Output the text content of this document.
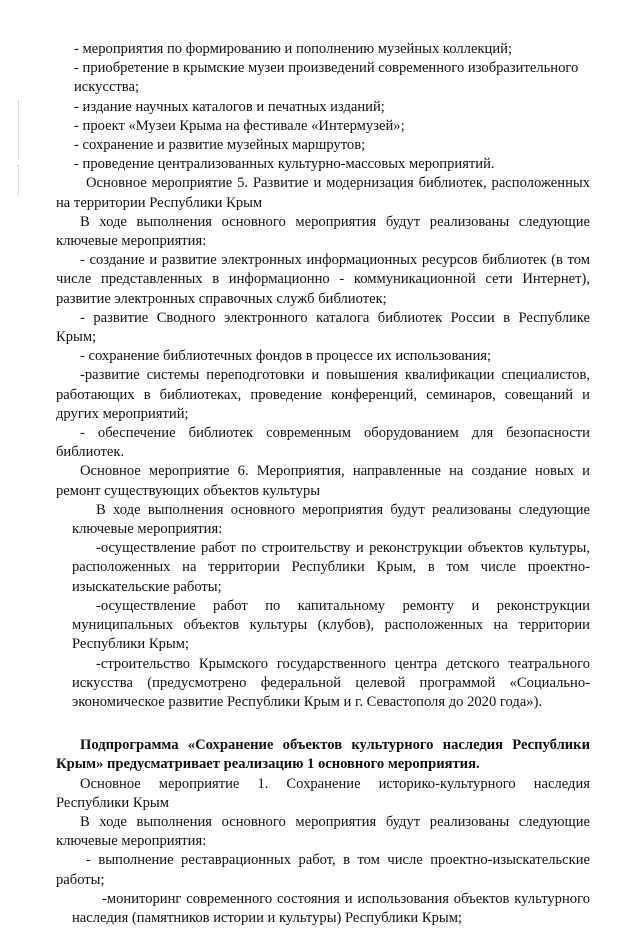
- мероприятия по формированию и пополнению музейных коллекций;

- приобретение в крымские музеи произведений современного изобразительного искусства;

- издание научных каталогов и печатных изданий;

- проект «Музеи Крыма на фестивале «Интермузей»;

- сохранение и развитие музейных маршрутов;

- проведение централизованных культурно-массовых мероприятий.

Основное мероприятие 5. Развитие и модернизация библиотек, расположенных на территории Республики Крым

В ходе выполнения основного мероприятия будут реализованы следующие ключевые мероприятия:

- создание и развитие электронных информационных ресурсов библиотек (в том числе представленных в информационно - коммуникационной сети Интернет), развитие электронных справочных служб библиотек;

- развитие Сводного электронного каталога библиотек России в Республике Крым;

- сохранение библиотечных фондов в процессе их использования;

-развитие системы переподготовки и повышения квалификации специалистов, работающих в библиотеках, проведение конференций, семинаров, совещаний и других мероприятий;

- обеспечение библиотек современным оборудованием для безопасности библиотек.

Основное мероприятие 6. Мероприятия, направленные на создание новых и ремонт существующих объектов культуры

В ходе выполнения основного мероприятия будут реализованы следующие ключевые мероприятия:

-осуществление работ по строительству и реконструкции объектов культуры, расположенных на территории Республики Крым, в том числе проектно-изыскательские работы;

-осуществление работ по капитальному ремонту и реконструкции муниципальных объектов культуры (клубов), расположенных на территории Республики Крым;

-строительство Крымского государственного центра детского театрального искусства (предусмотрено федеральной целевой программой «Социально-экономическое развитие Республики Крым и г. Севастополя до 2020 года»).

Подпрограмма «Сохранение объектов культурного наследия Республики Крым» предусматривает реализацию 1 основного мероприятия.

Основное мероприятие 1. Сохранение историко-культурного наследия Республики Крым

В ходе выполнения основного мероприятия будут реализованы следующие ключевые мероприятия:

- выполнение реставрационных работ, в том числе проектно-изыскательские работы;

-мониторинг современного состояния и использования объектов культурного наследия (памятников истории и культуры) Республики Крым;
